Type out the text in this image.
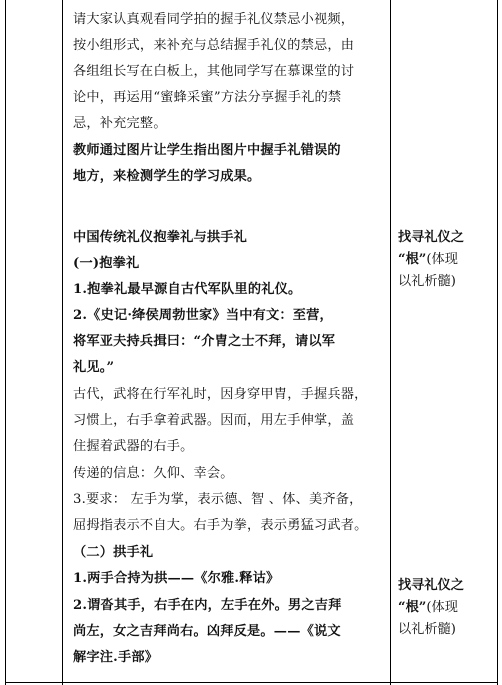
请大家认真观看同学拍的握手礼仪禁忌小视频，
按小组形式，来补充与总结握手礼仪的禁忌，由
各组组长写在白板上，其他同学写在慕课堂的讨
论中，再运用“蜜蜂采蜜”方法分享握手礼的禁
忌，补充完整。
教师通过图片让学生指出图片中握手礼错误的
地方，来检测学生的学习成果。
中国传统礼仪抱拳礼与拱手礼
(一)抱拳礼
1.抱拳礼最早源自古代军队里的礼仪。
2.《史记·绛侯周勃世家》当中有文：至营，
将军亚夫持兵揖曰：“介胄之士不拜，请以军
礼见。”
古代，武将在行军礼时，因身穿甲胄，手握兵器，
习惯上，右手拿着武器。因而，用左手伸掌，盖
住握着武器的右手。
传递的信息：久仰、幸会。
3.要求： 左手为掌，表示德、智 、体、美齐备，
屈拇指表示不自大。右手为拳，表示勇猛习武者。
（二）拱手礼
1.两手合持为拱——《尔雅.释诂》
2.谓沓其手，右手在内，左手在外。男之吉拜
尚左，女之吉拜尚右。凶拜反是。——《说文
解字注.手部》
找寻礼仪之
“根”(体现
以礼析髓)
找寻礼仪之
“根”(体现
以礼析髓)
